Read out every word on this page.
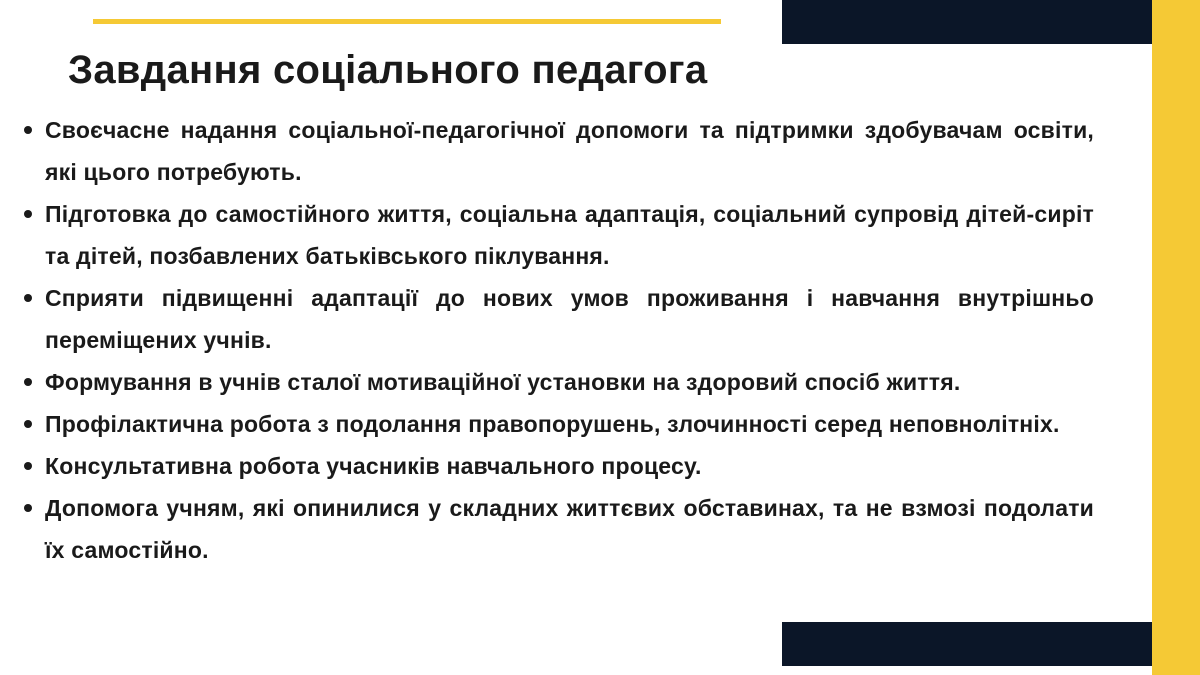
Завдання соціального педагога
Своєчасне надання соціальної-педагогічної допомоги та підтримки здобувачам освіти, які цього потребують.
Підготовка до самостійного життя, соціальна адаптація, соціальний супровід дітей-сиріт та дітей, позбавлених батьківського піклування.
Сприяти підвищенні адаптації до нових умов проживання і навчання внутрішньо переміщених учнів.
Формування в учнів сталої мотиваційної установки на здоровий спосіб життя.
Профілактична робота з подолання правопорушень, злочинності серед неповнолітніх.
Консультативна робота учасників навчального процесу.
Допомога учням, які опинилися у складних життєвих обставинах, та не взмозі подолати їх самостійно.
